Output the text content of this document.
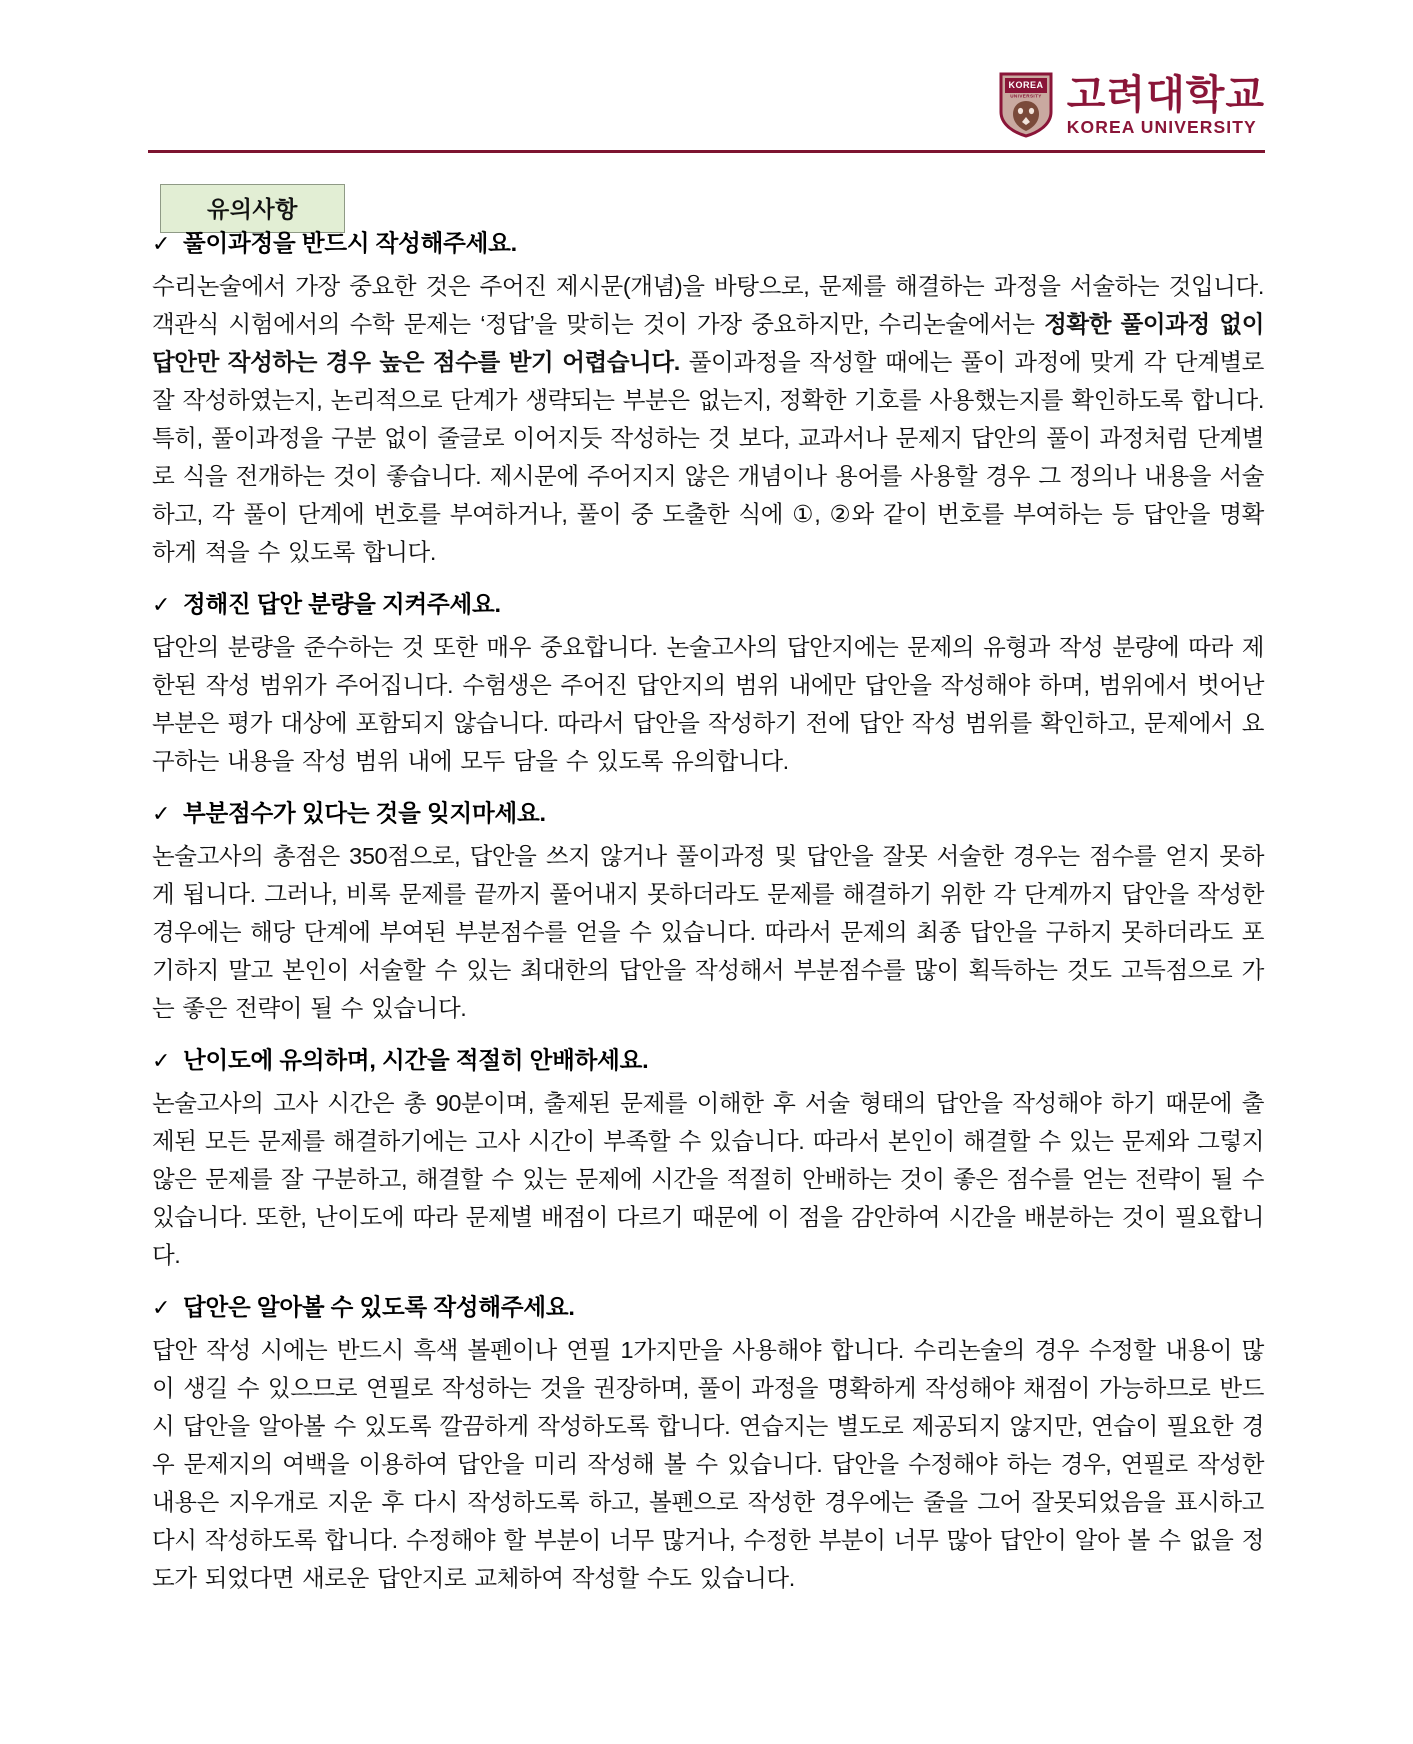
KOREA
UNIVERSITY 고려대학교
KOREA UNIVERSITY
유의사항
✓ 풀이과정을 반드시 작성해주세요.

수리논술에서 가장 중요한 것은 주어진 제시문(개념)을 바탕으로, 문제를 해결하는 과정을 서술하는 것입니다. 객관식 시험에서의 수학 문제는 ‘정답’을 맞히는 것이 가장 중요하지만, 수리논술에서는 정확한 풀이과정 없이 답안만 작성하는 경우 높은 점수를 받기 어렵습니다. 풀이과정을 작성할 때에는 풀이 과정에 맞게 각 단계별로 잘 작성하였는지, 논리적으로 단계가 생략되는 부분은 없는지, 정확한 기호를 사용했는지를 확인하도록 합니다. 특히, 풀이과정을 구분 없이 줄글로 이어지듯 작성하는 것 보다, 교과서나 문제지 답안의 풀이 과정처럼 단계별로 식을 전개하는 것이 좋습니다. 제시문에 주어지지 않은 개념이나 용어를 사용할 경우 그 정의나 내용을 서술하고, 각 풀이 단계에 번호를 부여하거나, 풀이 중 도출한 식에 ①, ②와 같이 번호를 부여하는 등 답안을 명확하게 적을 수 있도록 합니다.

✓ 정해진 답안 분량을 지켜주세요.

답안의 분량을 준수하는 것 또한 매우 중요합니다. 논술고사의 답안지에는 문제의 유형과 작성 분량에 따라 제한된 작성 범위가 주어집니다. 수험생은 주어진 답안지의 범위 내에만 답안을 작성해야 하며, 범위에서 벗어난 부분은 평가 대상에 포함되지 않습니다. 따라서 답안을 작성하기 전에 답안 작성 범위를 확인하고, 문제에서 요구하는 내용을 작성 범위 내에 모두 담을 수 있도록 유의합니다.

✓ 부분점수가 있다는 것을 잊지마세요.

논술고사의 총점은 350점으로, 답안을 쓰지 않거나 풀이과정 및 답안을 잘못 서술한 경우는 점수를 얻지 못하게 됩니다. 그러나, 비록 문제를 끝까지 풀어내지 못하더라도 문제를 해결하기 위한 각 단계까지 답안을 작성한 경우에는 해당 단계에 부여된 부분점수를 얻을 수 있습니다. 따라서 문제의 최종 답안을 구하지 못하더라도 포기하지 말고 본인이 서술할 수 있는 최대한의 답안을 작성해서 부분점수를 많이 획득하는 것도 고득점으로 가는 좋은 전략이 될 수 있습니다.

✓ 난이도에 유의하며, 시간을 적절히 안배하세요.

논술고사의 고사 시간은 총 90분이며, 출제된 문제를 이해한 후 서술 형태의 답안을 작성해야 하기 때문에 출제된 모든 문제를 해결하기에는 고사 시간이 부족할 수 있습니다. 따라서 본인이 해결할 수 있는 문제와 그렇지 않은 문제를 잘 구분하고, 해결할 수 있는 문제에 시간을 적절히 안배하는 것이 좋은 점수를 얻는 전략이 될 수 있습니다. 또한, 난이도에 따라 문제별 배점이 다르기 때문에 이 점을 감안하여 시간을 배분하는 것이 필요합니다.

✓ 답안은 알아볼 수 있도록 작성해주세요.

답안 작성 시에는 반드시 흑색 볼펜이나 연필 1가지만을 사용해야 합니다. 수리논술의 경우 수정할 내용이 많이 생길 수 있으므로 연필로 작성하는 것을 권장하며, 풀이 과정을 명확하게 작성해야 채점이 가능하므로 반드시 답안을 알아볼 수 있도록 깔끔하게 작성하도록 합니다. 연습지는 별도로 제공되지 않지만, 연습이 필요한 경우 문제지의 여백을 이용하여 답안을 미리 작성해 볼 수 있습니다. 답안을 수정해야 하는 경우, 연필로 작성한 내용은 지우개로 지운 후 다시 작성하도록 하고, 볼펜으로 작성한 경우에는 줄을 그어 잘못되었음을 표시하고 다시 작성하도록 합니다. 수정해야 할 부분이 너무 많거나, 수정한 부분이 너무 많아 답안이 알아 볼 수 없을 정도가 되었다면 새로운 답안지로 교체하여 작성할 수도 있습니다.
